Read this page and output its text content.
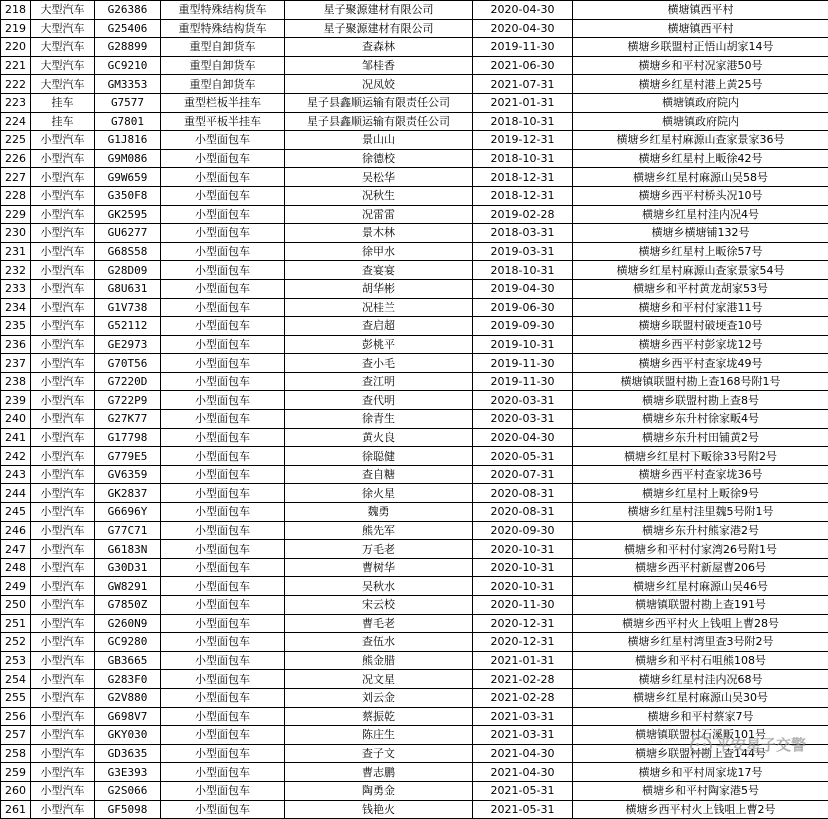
218	大型汽车	G26386	重型特殊结构货车	星子聚源建材有限公司	2020-04-30	横塘镇西平村
219	大型汽车	G25406	重型特殊结构货车	星子聚源建材有限公司	2020-04-30	横塘镇西平村
220	大型汽车	G28899	重型自卸货车	查森林	2019-11-30	横塘乡联盟村正悟山胡家14号
221	大型汽车	GC9210	重型自卸货车	邹桂香	2021-06-30	横塘乡和平村况家港50号
222	大型汽车	GM3353	重型自卸货车	况凤姣	2021-07-31	横塘乡红星村港上黄25号
223	挂车	G7577	重型栏板半挂车	星子县鑫顺运输有限责任公司	2021-01-31	横塘镇政府院内
224	挂车	G7801	重型平板半挂车	星子县鑫顺运输有限责任公司	2018-10-31	横塘镇政府院内
225	小型汽车	G1J816	小型面包车	景山山	2019-12-31	横塘乡红星村麻源山查家景家36号
226	小型汽车	G9M086	小型面包车	徐德校	2018-10-31	横塘乡红星村上畈徐42号
227	小型汽车	G9W659	小型面包车	吴松华	2018-12-31	横塘乡红星村麻源山吴58号
228	小型汽车	G350F8	小型面包车	况秋生	2018-12-31	横塘乡西平村桥头况10号
229	小型汽车	GK2595	小型面包车	况雷雷	2019-02-28	横塘乡红星村洼内况4号
230	小型汽车	GU6277	小型面包车	景木林	2018-03-31	横塘乡横塘铺132号
231	小型汽车	G68S58	小型面包车	徐甲水	2019-03-31	横塘乡红星村上畈徐57号
232	小型汽车	G28D09	小型面包车	查宴宴	2018-10-31	横塘乡红星村麻源山查家景家54号
233	小型汽车	G8U631	小型面包车	胡华彬	2019-04-30	横塘乡和平村黄龙胡家53号
234	小型汽车	G1V738	小型面包车	况桂兰	2019-06-30	横塘乡和平村付家港11号
235	小型汽车	G52112	小型面包车	查启超	2019-09-30	横塘乡联盟村破埂查10号
236	小型汽车	GE2973	小型面包车	彭桃平	2019-10-31	横塘乡西平村彭家垅12号
237	小型汽车	G70T56	小型面包车	查小毛	2019-11-30	横塘乡西平村查家垅49号
238	小型汽车	G7220D	小型面包车	查江明	2019-11-30	横塘镇联盟村勘上查168号附1号
239	小型汽车	G722P9	小型面包车	查代明	2020-03-31	横塘乡联盟村勘上查8号
240	小型汽车	G27K77	小型面包车	徐青生	2020-03-31	横塘乡东升村徐家畈4号
241	小型汽车	G17798	小型面包车	黄火良	2020-04-30	横塘乡东升村田铺黄2号
242	小型汽车	G779E5	小型面包车	徐聪健	2020-05-31	横塘乡红星村下畈徐33号附2号
243	小型汽车	GV6359	小型面包车	查自糖	2020-07-31	横塘乡西平村查家垅36号
244	小型汽车	GK2837	小型面包车	徐火星	2020-08-31	横塘乡红星村上畈徐9号
245	小型汽车	G6696Y	小型面包车	魏勇	2020-08-31	横塘乡红星村洼里魏5号附1号
246	小型汽车	G77C71	小型面包车	熊先军	2020-09-30	横塘乡东升村熊家港2号
247	小型汽车	G6183N	小型面包车	万毛老	2020-10-31	横塘乡和平村付家湾26号附1号
248	小型汽车	G30D31	小型面包车	曹树华	2020-10-31	横塘乡西平村新屋曹206号
249	小型汽车	GW8291	小型面包车	吴秋水	2020-10-31	横塘乡红星村麻源山吴46号
250	小型汽车	G7850Z	小型面包车	宋云校	2020-11-30	横塘镇联盟村勘上查191号
251	小型汽车	G260N9	小型面包车	曹毛老	2020-12-31	横塘乡西平村火上钱咀上曹28号
252	小型汽车	GC9280	小型面包车	查伍水	2020-12-31	横塘乡红星村湾里查3号附2号
253	小型汽车	GB3665	小型面包车	熊金腊	2021-01-31	横塘乡和平村石咀熊108号
254	小型汽车	G283F0	小型面包车	况文星	2021-02-28	横塘乡红星村洼内况68号
255	小型汽车	G2V880	小型面包车	刘云金	2021-02-28	横塘乡红星村麻源山吴30号
256	小型汽车	G698V7	小型面包车	蔡振乾	2021-03-31	横塘乡和平村蔡家7号
257	小型汽车	GKY030	小型面包车	陈庄生	2021-03-31	横塘镇联盟村石溪畈101号
258	小型汽车	GD3635	小型面包车	查子文	2021-04-30	横塘乡联盟村勘上查144号
259	小型汽车	G3E393	小型面包车	曹志鹏	2021-04-30	横塘乡和平村周家垅17号
260	小型汽车	G2S066	小型面包车	陶勇金	2021-05-31	横塘乡和平村陶家港5号
261	小型汽车	GF5098	小型面包车	钱艳火	2021-05-31	横塘乡西平村火上钱咀上曹2号
平安星子交警
